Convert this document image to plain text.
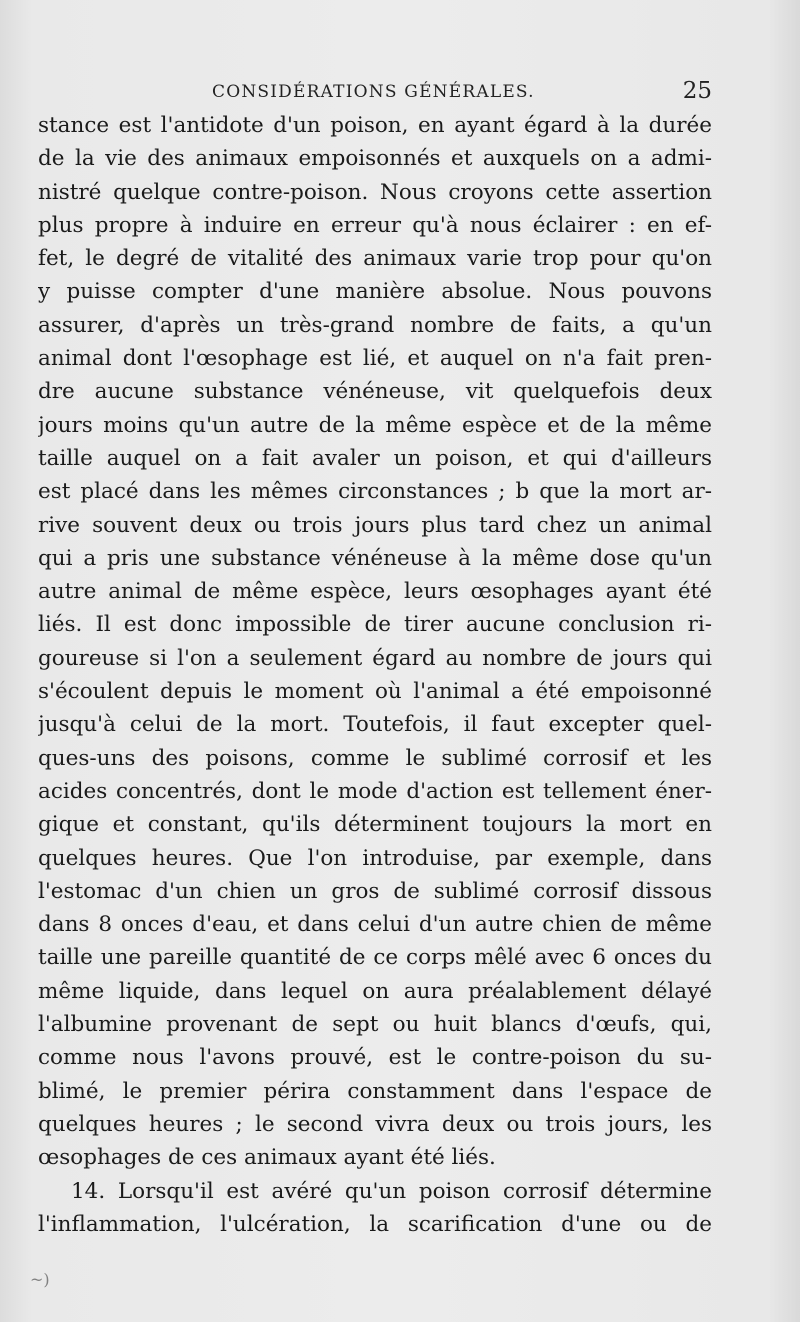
CONSIDÉRATIONS GÉNÉRALES.	25
stance est l'antidote d'un poison, en ayant égard à la durée
de la vie des animaux empoisonnés et auxquels on a admi-
nistré quelque contre-poison. Nous croyons cette assertion
plus propre à induire en erreur qu'à nous éclairer : en ef-
fet, le degré de vitalité des animaux varie trop pour qu'on
y puisse compter d'une manière absolue. Nous pouvons
assurer, d'après un très-grand nombre de faits, a qu'un
animal dont l'œsophage est lié, et auquel on n'a fait pren-
dre aucune substance vénéneuse, vit quelquefois deux
jours moins qu'un autre de la même espèce et de la même
taille auquel on a fait avaler un poison, et qui d'ailleurs
est placé dans les mêmes circonstances ; b que la mort ar-
rive souvent deux ou trois jours plus tard chez un animal
qui a pris une substance vénéneuse à la même dose qu'un
autre animal de même espèce, leurs œsophages ayant été
liés. Il est donc impossible de tirer aucune conclusion ri-
goureuse si l'on a seulement égard au nombre de jours qui
s'écoulent depuis le moment où l'animal a été empoisonné
jusqu'à celui de la mort. Toutefois, il faut excepter quel-
ques-uns des poisons, comme le sublimé corrosif et les
acides concentrés, dont le mode d'action est tellement éner-
gique et constant, qu'ils déterminent toujours la mort en
quelques heures. Que l'on introduise, par exemple, dans
l'estomac d'un chien un gros de sublimé corrosif dissous
dans 8 onces d'eau, et dans celui d'un autre chien de même
taille une pareille quantité de ce corps mêlé avec 6 onces du
même liquide, dans lequel on aura préalablement délayé
l'albumine provenant de sept ou huit blancs d'œufs, qui,
comme nous l'avons prouvé, est le contre-poison du su-
blimé, le premier périra constamment dans l'espace de
quelques heures ; le second vivra deux ou trois jours, les
œsophages de ces animaux ayant été liés.
14. Lorsqu'il est avéré qu'un poison corrosif détermine
l'inflammation, l'ulcération, la scarification d'une ou de
~)
